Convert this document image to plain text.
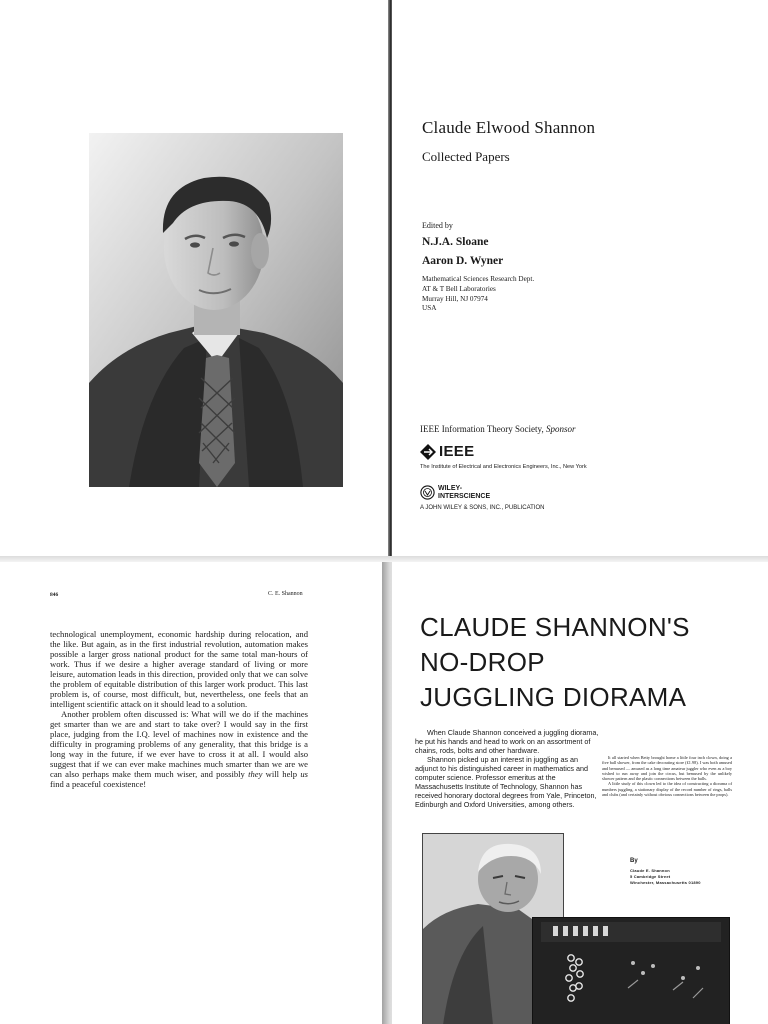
Claude Elwood Shannon
Collected Papers
Edited by
N.J.A. Sloane
Aaron D. Wyner
Mathematical Sciences Research Dept.
AT & T Bell Laboratories
Murray Hill, NJ 07974
USA
IEEE Information Theory Society, Sponsor
IEEE
The Institute of Electrical and Electronics Engineers, Inc., New York
WILEY-
INTERSCIENCE
A JOHN WILEY & SONS, INC., PUBLICATION
846	C. E. Shannon

technological unemployment, economic hardship during relocation, and the like. But again, as in the first industrial revolution, automation makes possible a larger gross national product for the same total man-hours of work. Thus if we desire a higher average standard of living or more leisure, automation leads in this direction, provided only that we can solve the problem of equitable distribution of this larger work product. This last problem is, of course, most difficult, but, nevertheless, one feels that an intelligent scientific attack on it should lead to a solution.

Another problem often discussed is: What will we do if the machines get smarter than we are and start to take over? I would say in the first place, judging from the I.Q. level of machines now in existence and the difficulty in programing problems of any generality, that this bridge is a long way in the future, if we ever have to cross it at all. I would also suggest that if we can ever make machines much smarter than we are we can also perhaps make them much wiser, and possibly they will help us find a peaceful coexistence!

CLAUDE SHANNON'S
NO-DROP
JUGGLING DIORAMA

When Claude Shannon conceived a juggling diorama, he put his hands and head to work on an assortment of chains, rods, bolts and other hardware.

Shannon picked up an interest in juggling as an adjunct to his distinguished career in mathematics and computer science. Professor emeritus at the Massachusetts Institute of Technology, Shannon has received honorary doctoral degrees from Yale, Princeton, Edinburgh and Oxford Universities, among others.

It all started when Betty brought home a little four inch clown, doing a five ball shower, from the cake decorating store (£1.98). I was both amused and bemused — amused as a long time amateur juggler who even as a boy wished to run away and join the circus, but bemused by the unlikely shower pattern and the plastic connections between the balls.

A little study of this clown led to the idea of constructing a diorama of numbers juggling, a stationary display of the record number of rings, balls and clubs (and certainly without obvious connections between the props).

By
Claude E. Shannon
5 Cambridge Street
Winchester, Massachusetts 01890
